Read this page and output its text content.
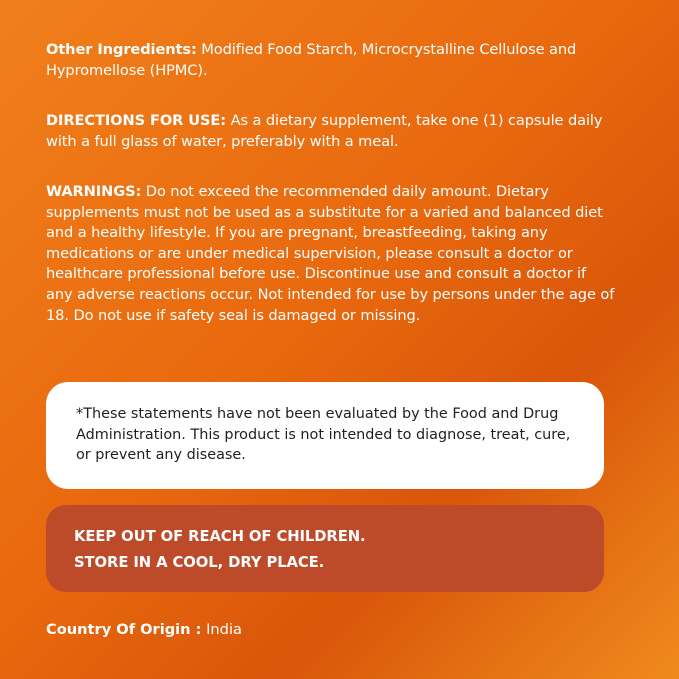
Other Ingredients: Modified Food Starch, Microcrystalline Cellulose and Hypromellose (HPMC).

DIRECTIONS FOR USE: As a dietary supplement, take one (1) capsule daily with a full glass of water, preferably with a meal.

WARNINGS: Do not exceed the recommended daily amount. Dietary supplements must not be used as a substitute for a varied and balanced diet and a healthy lifestyle. If you are pregnant, breastfeeding, taking any medications or are under medical supervision, please consult a doctor or healthcare professional before use. Discontinue use and consult a doctor if any adverse reactions occur. Not intended for use by persons under the age of 18. Do not use if safety seal is damaged or missing.

*These statements have not been evaluated by the Food and Drug Administration. This product is not intended to diagnose, treat, cure, or prevent any disease.

KEEP OUT OF REACH OF CHILDREN.
STORE IN A COOL, DRY PLACE.

Country Of Origin : India
